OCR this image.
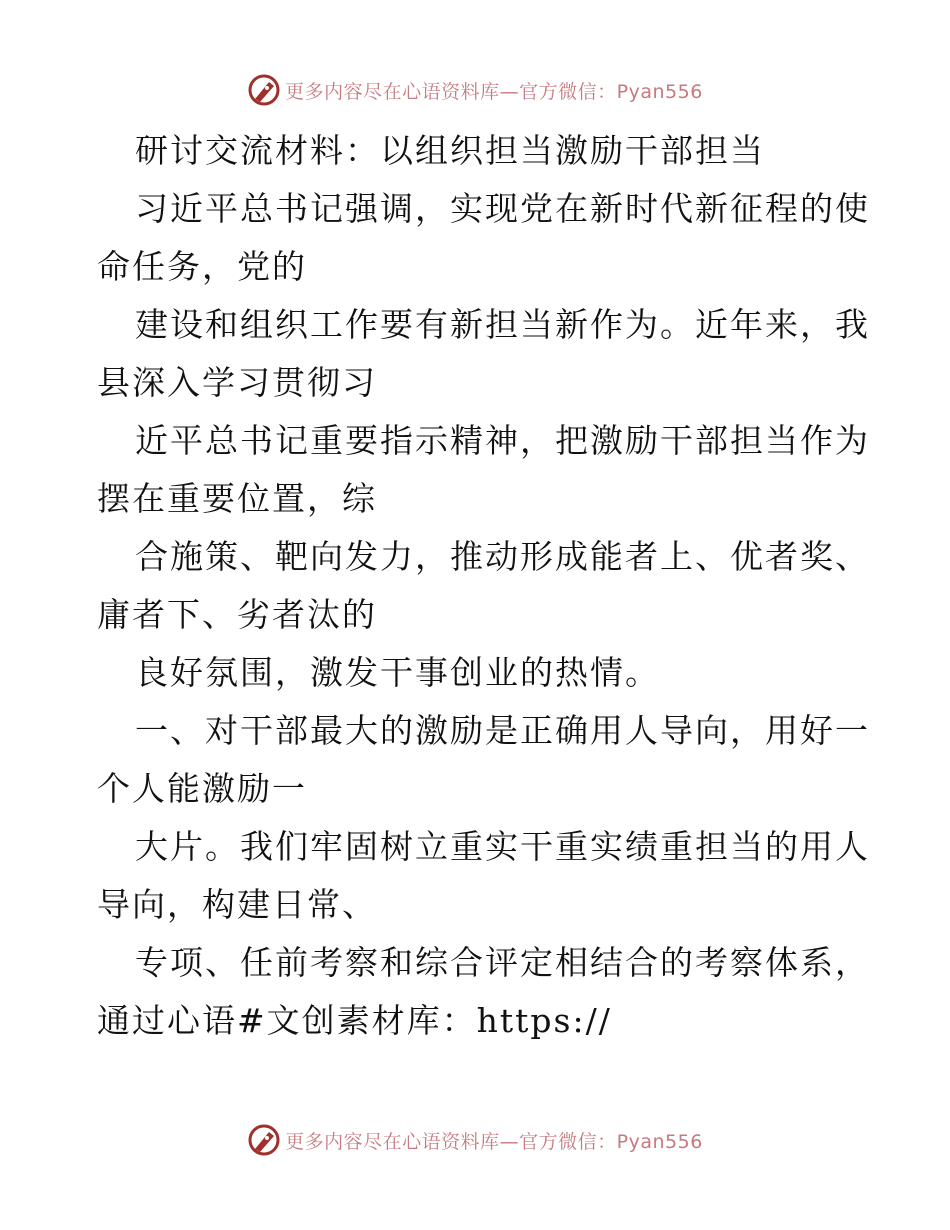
更多内容尽在心语资料库—官方微信：Pyan556
研讨交流材料：以组织担当激励干部担当
习近平总书记强调，实现党在新时代新征程的使
命任务，党的
建设和组织工作要有新担当新作为。近年来，我
县深入学习贯彻习
近平总书记重要指示精神，把激励干部担当作为
摆在重要位置，综
合施策、靶向发力，推动形成能者上、优者奖、
庸者下、劣者汰的
良好氛围，激发干事创业的热情。
一、对干部最大的激励是正确用人导向，用好一
个人能激励一
大片。我们牢固树立重实干重实绩重担当的用人
导向，构建日常、
专项、任前考察和综合评定相结合的考察体系，
通过心语#文创素材库：https://
更多内容尽在心语资料库—官方微信：Pyan556
